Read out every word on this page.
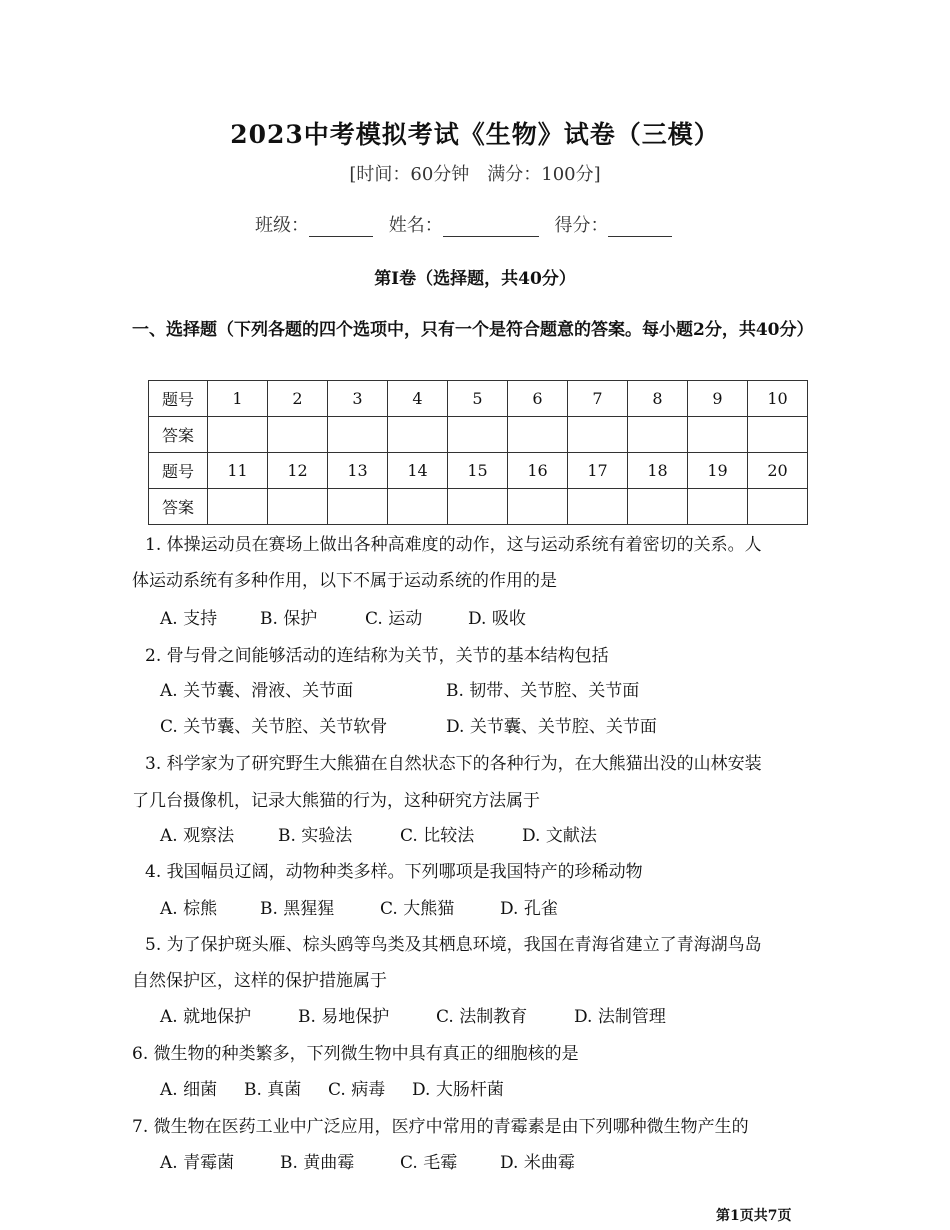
2023中考模拟考试《生物》试卷（三模）
[时间：60分钟　满分：100分]
班级：	姓名：	得分：
第Ⅰ卷（选择题，共40分）
一、选择题（下列各题的四个选项中，只有一个是符合题意的答案。每小题2分，共40分）
题号	1	2	3	4	5	6	7	8	9	10
答案										
题号	11	12	13	14	15	16	17	18	19	20
答案										
1. 体操运动员在赛场上做出各种高难度的动作，这与运动系统有着密切的关系。人
体运动系统有多种作用，以下不属于运动系统的作用的是
A. 支持	B. 保护	C. 运动	D. 吸收
2. 骨与骨之间能够活动的连结称为关节，关节的基本结构包括
A. 关节囊、滑液、关节面	B. 韧带、关节腔、关节面
C. 关节囊、关节腔、关节软骨	D. 关节囊、关节腔、关节面
3. 科学家为了研究野生大熊猫在自然状态下的各种行为，在大熊猫出没的山林安装
了几台摄像机，记录大熊猫的行为，这种研究方法属于
A. 观察法	B. 实验法	C. 比较法	D. 文献法
4. 我国幅员辽阔，动物种类多样。下列哪项是我国特产的珍稀动物
A. 棕熊	B. 黑猩猩	C. 大熊猫	D. 孔雀
5. 为了保护斑头雁、棕头鸥等鸟类及其栖息环境，我国在青海省建立了青海湖鸟岛
自然保护区，这样的保护措施属于
A. 就地保护	B. 易地保护	C. 法制教育	D. 法制管理
6. 微生物的种类繁多，下列微生物中具有真正的细胞核的是
A. 细菌 B. 真菌 C. 病毒 D. 大肠杆菌
7. 微生物在医药工业中广泛应用，医疗中常用的青霉素是由下列哪种微生物产生的
A. 青霉菌	B. 黄曲霉	C. 毛霉	D. 米曲霉
第1页共7页
